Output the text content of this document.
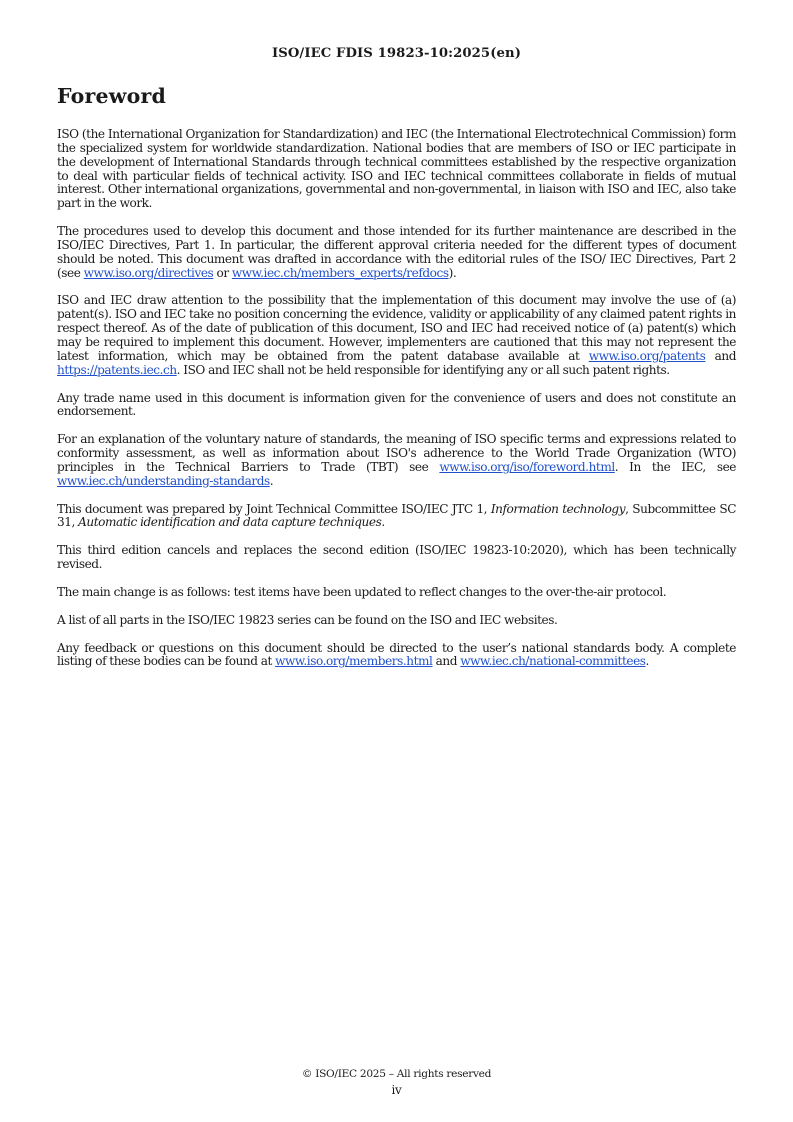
ISO/IEC FDIS 19823-10:2025(en)
Foreword

ISO (the International Organization for Standardization) and IEC (the International Electrotechnical Commission) form the specialized system for worldwide standardization. National bodies that are members of ISO or IEC participate in the development of International Standards through technical committees established by the respective organization to deal with particular fields of technical activity. ISO and IEC technical committees collaborate in fields of mutual interest. Other international organizations, governmental and non-governmental, in liaison with ISO and IEC, also take part in the work.

The procedures used to develop this document and those intended for its further maintenance are described in the ISO/IEC Directives, Part 1. In particular, the different approval criteria needed for the different types of document should be noted. This document was drafted in accordance with the editorial rules of the ISO/ IEC Directives, Part 2 (see www.iso.org/directives or www.iec.ch/members_experts/refdocs).

ISO and IEC draw attention to the possibility that the implementation of this document may involve the use of (a) patent(s). ISO and IEC take no position concerning the evidence, validity or applicability of any claimed patent rights in respect thereof. As of the date of publication of this document, ISO and IEC had received notice of (a) patent(s) which may be required to implement this document. However, implementers are cautioned that this may not represent the latest information, which may be obtained from the patent database available at www.iso.org/patents and https://patents.iec.ch. ISO and IEC shall not be held responsible for identifying any or all such patent rights.

Any trade name used in this document is information given for the convenience of users and does not constitute an endorsement.

For an explanation of the voluntary nature of standards, the meaning of ISO specific terms and expressions related to conformity assessment, as well as information about ISO's adherence to the World Trade Organization (WTO) principles in the Technical Barriers to Trade (TBT) see www.iso.org/iso/foreword.html. In the IEC, see www.iec.ch/understanding-standards.

This document was prepared by Joint Technical Committee ISO/IEC JTC 1, Information technology, Subcommittee SC 31, Automatic identification and data capture techniques.

This third edition cancels and replaces the second edition (ISO/IEC 19823-10:2020), which has been technically revised.

The main change is as follows: test items have been updated to reflect changes to the over-the-air protocol.

A list of all parts in the ISO/IEC 19823 series can be found on the ISO and IEC websites.

Any feedback or questions on this document should be directed to the user’s national standards body. A complete listing of these bodies can be found at www.iso.org/members.html and www.iec.ch/national-committees.

© ISO/IEC 2025 – All rights reserved
iv
